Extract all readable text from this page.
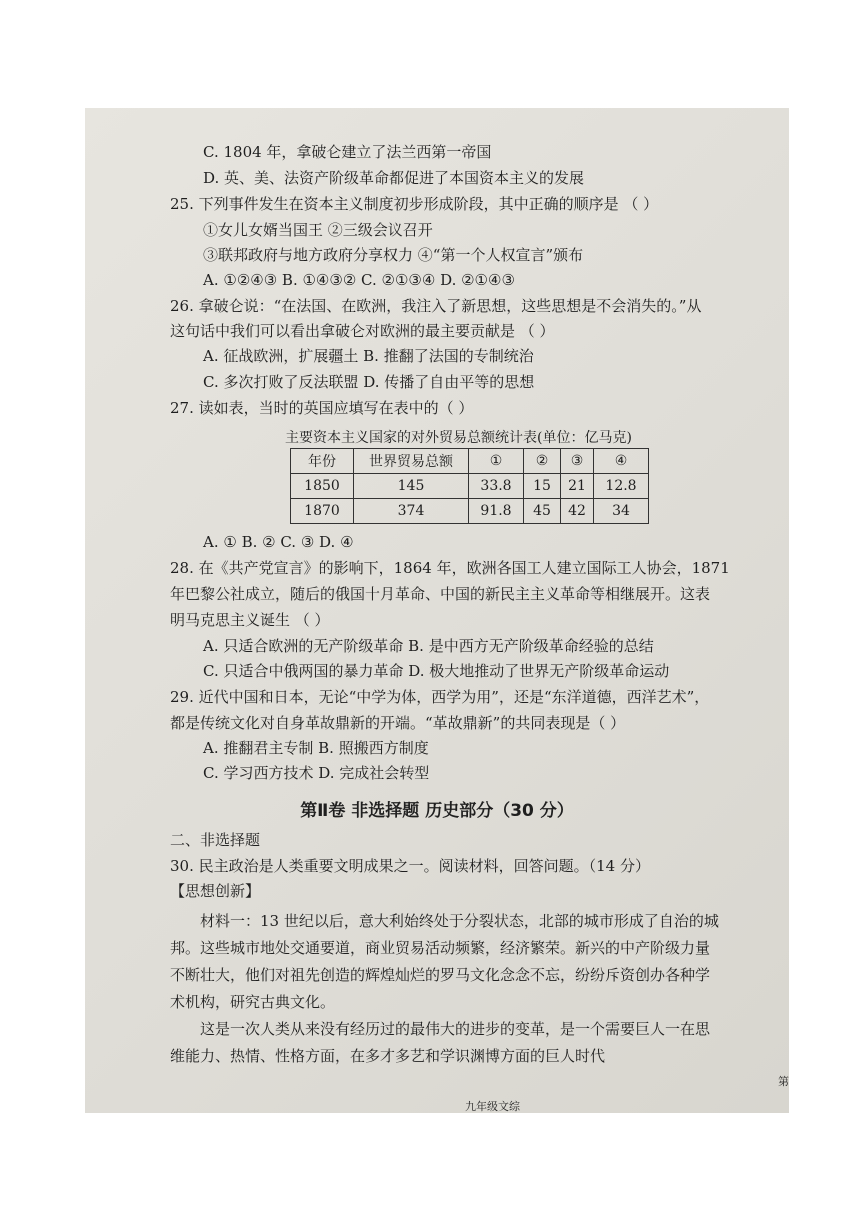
C. 1804 年，拿破仑建立了法兰西第一帝国
D. 英、美、法资产阶级革命都促进了本国资本主义的发展
25. 下列事件发生在资本主义制度初步形成阶段，其中正确的顺序是 （ ）
①女儿女婿当国王 ②三级会议召开
③联邦政府与地方政府分享权力 ④“第一个人权宣言”颁布
A. ①②④③ B. ①④③② C. ②①③④ D. ②①④③
26. 拿破仑说：“在法国、在欧洲，我注入了新思想，这些思想是不会消失的。”从
这句话中我们可以看出拿破仑对欧洲的最主要贡献是 （ ）
A. 征战欧洲，扩展疆土 B. 推翻了法国的专制统治
C. 多次打败了反法联盟 D. 传播了自由平等的思想
27. 读如表，当时的英国应填写在表中的（ ）
主要资本主义国家的对外贸易总额统计表(单位：亿马克)
年份	世界贸易总额	①	②	③	④
1850	145	33.8	15	21	12.8
1870	374	91.8	45	42	34
A. ① B. ② C. ③ D. ④
28. 在《共产党宣言》的影响下，1864 年，欧洲各国工人建立国际工人协会，1871
年巴黎公社成立，随后的俄国十月革命、中国的新民主主义革命等相继展开。这表
明马克思主义诞生 （ ）
A. 只适合欧洲的无产阶级革命 B. 是中西方无产阶级革命经验的总结
C. 只适合中俄两国的暴力革命 D. 极大地推动了世界无产阶级革命运动
29. 近代中国和日本，无论“中学为体，西学为用”，还是“东洋道德，西洋艺术”，
都是传统文化对自身革故鼎新的开端。“革故鼎新”的共同表现是（ ）
A. 推翻君主专制 B. 照搬西方制度
C. 学习西方技术 D. 完成社会转型
第Ⅱ卷 非选择题 历史部分（30 分）
二、非选择题
30. 民主政治是人类重要文明成果之一。阅读材料，回答问题。（14 分）
【思想创新】
材料一：13 世纪以后，意大利始终处于分裂状态，北部的城市形成了自治的城
邦。这些城市地处交通要道，商业贸易活动频繁，经济繁荣。新兴的中产阶级力量
不断壮大，他们对祖先创造的辉煌灿烂的罗马文化念念不忘，纷纷斥资创办各种学
术机构，研究古典文化。
这是一次人类从来没有经历过的最伟大的进步的变革，是一个需要巨人一在思
维能力、热情、性格方面，在多才多艺和学识渊博方面的巨人时代
九年级文综
第
